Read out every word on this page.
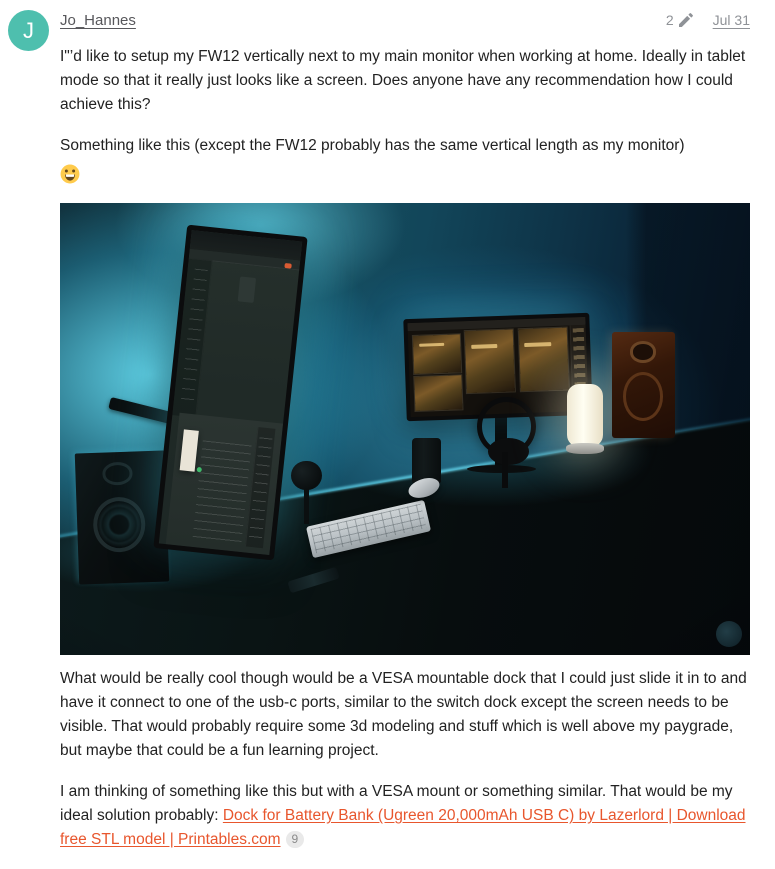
J Jo_Hannes	2	Jul 31

I"’d like to setup my FW12 vertically next to my main monitor when working at home. Ideally in tablet mode so that it really just looks like a screen. Does anyone have any recommendation how I could achieve this?

Something like this (except the FW12 probably has the same vertical length as my monitor)

What would be really cool though would be a VESA mountable dock that I could just slide it in to and have it connect to one of the usb-c ports, similar to the switch dock except the screen needs to be visible. That would probably require some 3d modeling and stuff which is well above my paygrade, but maybe that could be a fun learning project.

I am thinking of something like this but with a VESA mount or something similar. That would be my ideal solution probably: Dock for Battery Bank (Ugreen 20,000mAh USB C) by Lazerlord | Download free STL model | Printables.com 9
